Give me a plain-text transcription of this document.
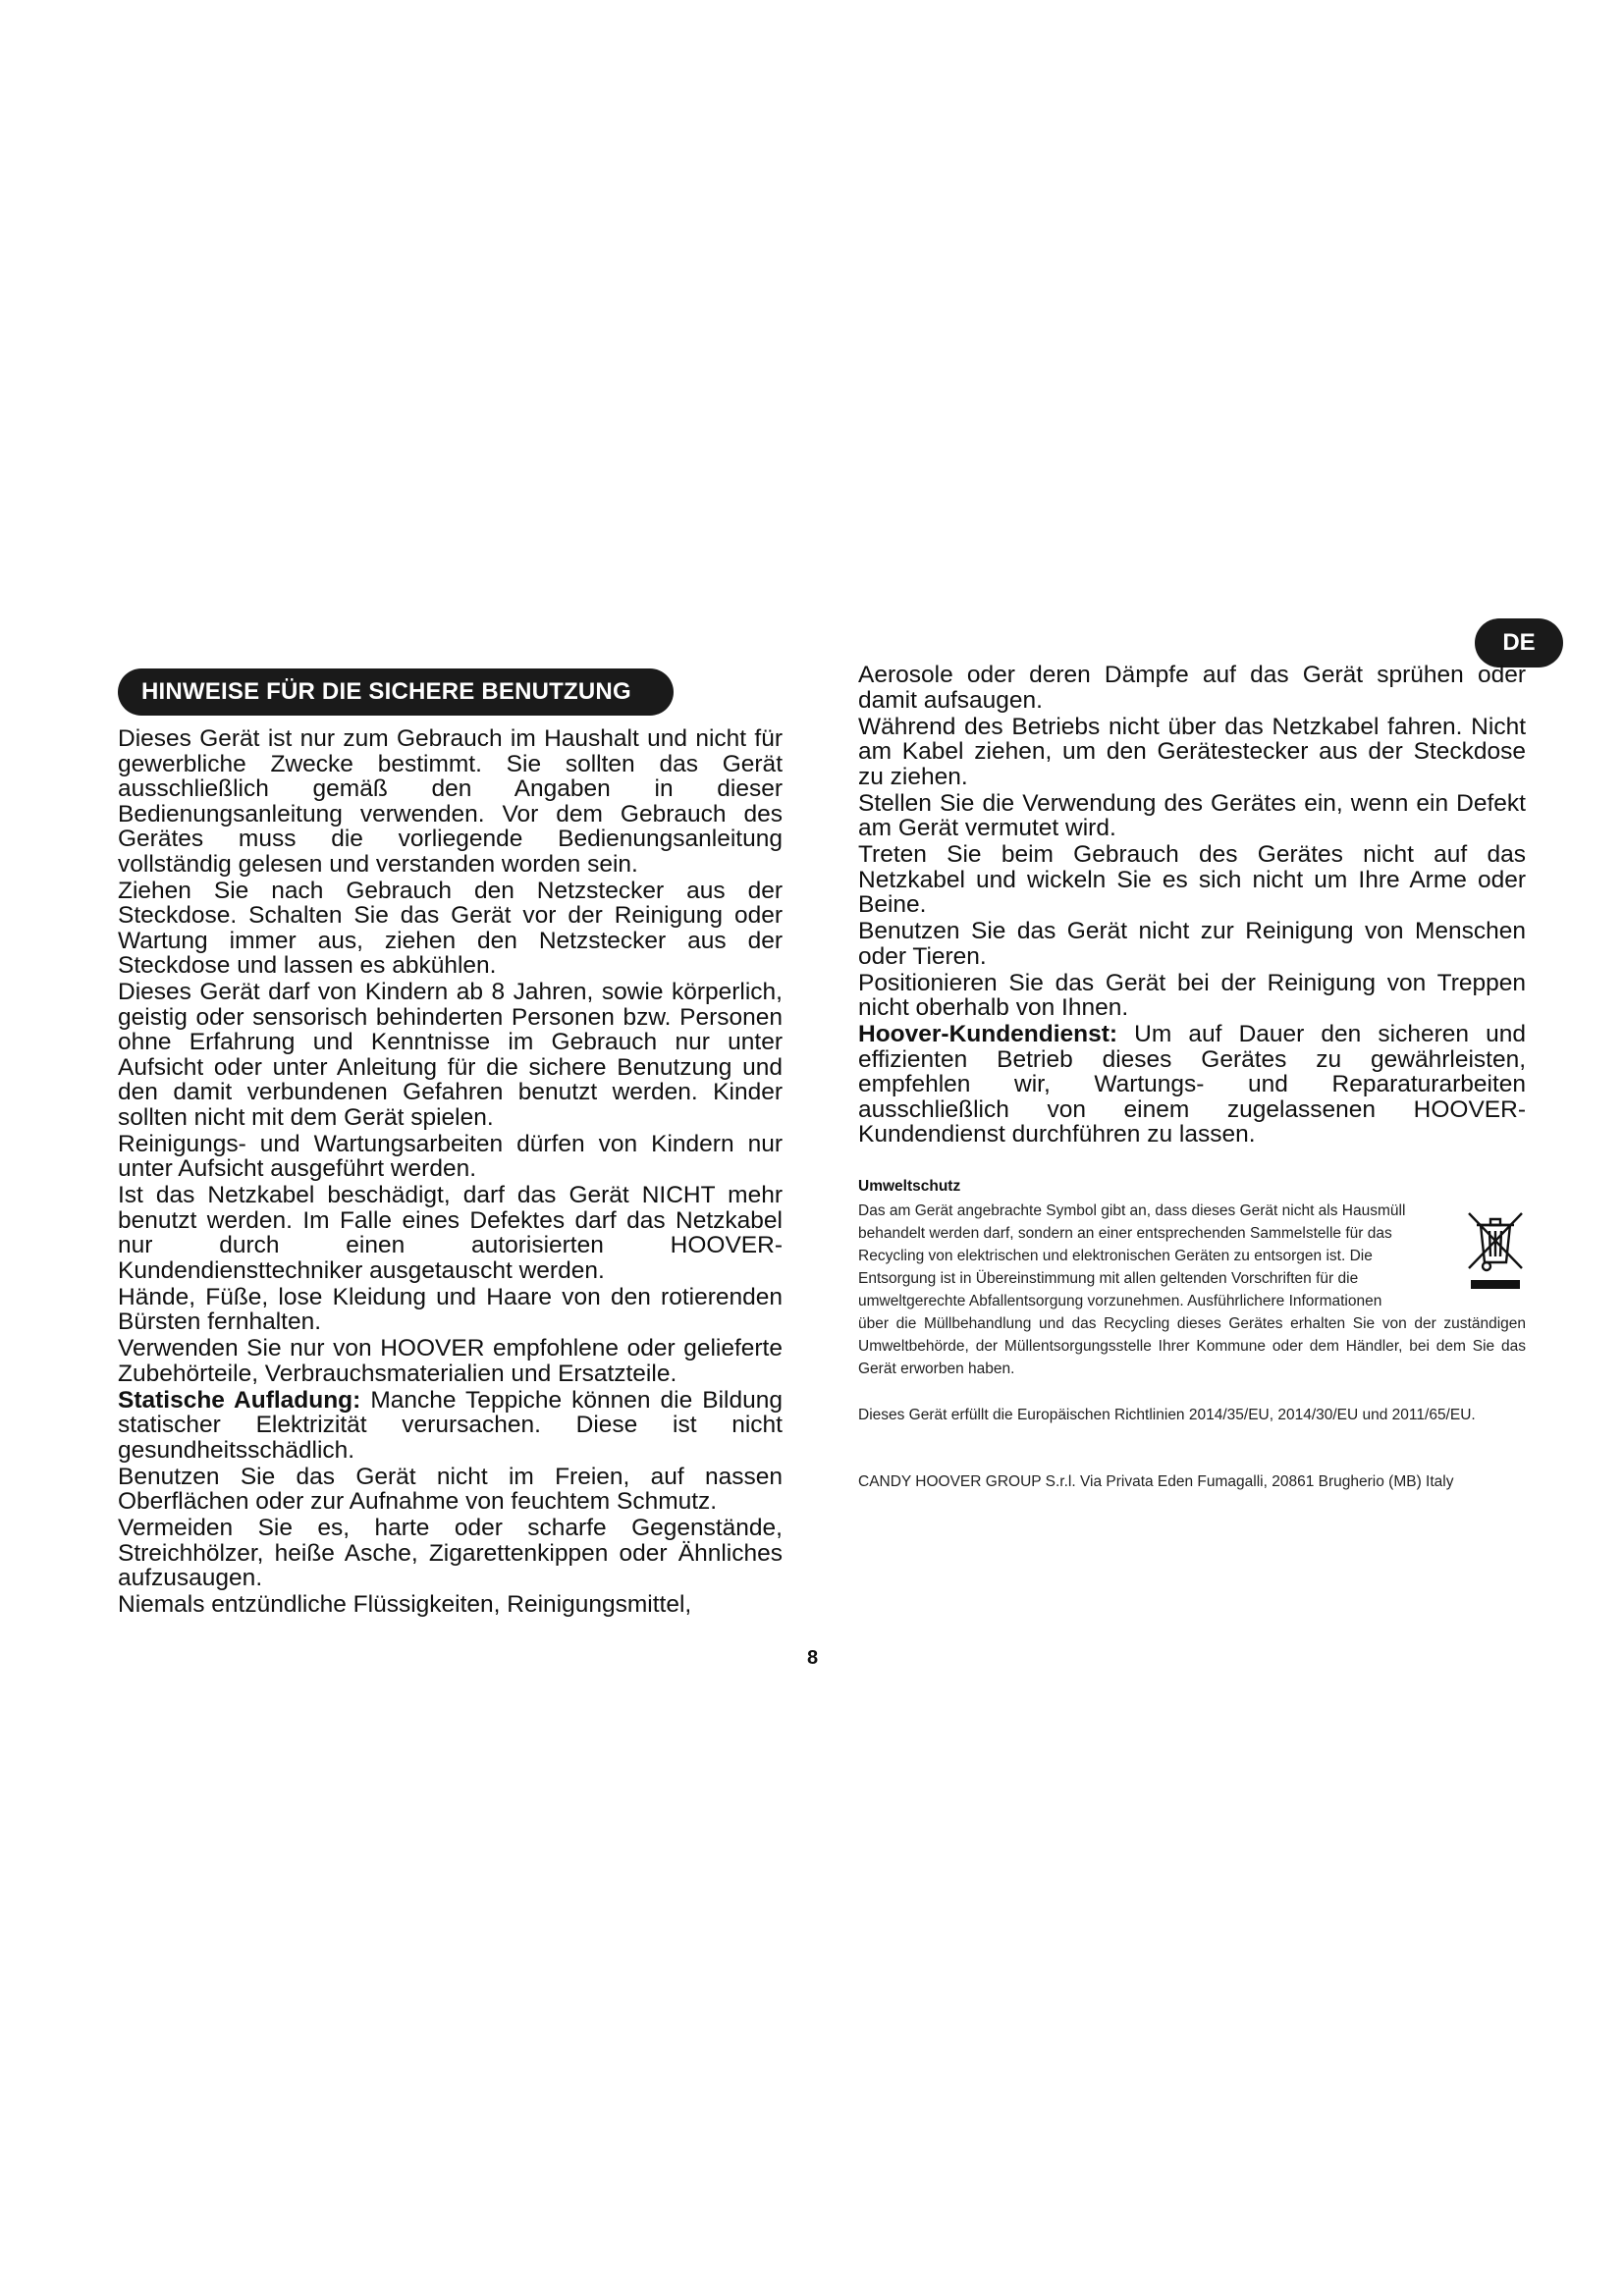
DE
HINWEISE FÜR DIE SICHERE BENUTZUNG

Dieses Gerät ist nur zum Gebrauch im Haushalt und nicht für gewerbliche Zwecke bestimmt. Sie sollten das Gerät ausschließlich gemäß den Angaben in dieser Bedienungsanleitung verwenden. Vor dem Gebrauch des Gerätes muss die vorliegende Bedienungsanleitung vollständig gelesen und verstanden worden sein.

Ziehen Sie nach Gebrauch den Netzstecker aus der Steckdose. Schalten Sie das Gerät vor der Reinigung oder Wartung immer aus, ziehen den Netzstecker aus der Steckdose und lassen es abkühlen.

Dieses Gerät darf von Kindern ab 8 Jahren, sowie körperlich, geistig oder sensorisch behinderten Personen bzw. Personen ohne Erfahrung und Kenntnisse im Gebrauch nur unter Aufsicht oder unter Anleitung für die sichere Benutzung und den damit verbundenen Gefahren benutzt werden. Kinder sollten nicht mit dem Gerät spielen.

Reinigungs- und Wartungsarbeiten dürfen von Kindern nur unter Aufsicht ausgeführt werden.

Ist das Netzkabel beschädigt, darf das Gerät NICHT mehr benutzt werden. Im Falle eines Defektes darf das Netzkabel nur durch einen autorisierten HOOVER-Kundendiensttechniker ausgetauscht werden.

Hände, Füße, lose Kleidung und Haare von den rotierenden Bürsten fernhalten.

Verwenden Sie nur von HOOVER empfohlene oder gelieferte Zubehörteile, Verbrauchsmaterialien und Ersatzteile.

Statische Aufladung: Manche Teppiche können die Bildung statischer Elektrizität verursachen. Diese ist nicht gesundheitsschädlich.

Benutzen Sie das Gerät nicht im Freien, auf nassen Oberflächen oder zur Aufnahme von feuchtem Schmutz.

Vermeiden Sie es, harte oder scharfe Gegenstände, Streichhölzer, heiße Asche, Zigarettenkippen oder Ähnliches aufzusaugen.

Niemals entzündliche Flüssigkeiten, Reinigungsmittel,

Aerosole oder deren Dämpfe auf das Gerät sprühen oder damit aufsaugen.

Während des Betriebs nicht über das Netzkabel fahren. Nicht am Kabel ziehen, um den Gerätestecker aus der Steckdose zu ziehen.

Stellen Sie die Verwendung des Gerätes ein, wenn ein Defekt am Gerät vermutet wird.

Treten Sie beim Gebrauch des Gerätes nicht auf das Netzkabel und wickeln Sie es sich nicht um Ihre Arme oder Beine.

Benutzen Sie das Gerät nicht zur Reinigung von Menschen oder Tieren.

Positionieren Sie das Gerät bei der Reinigung von Treppen nicht oberhalb von Ihnen.

Hoover-Kundendienst: Um auf Dauer den sicheren und effizienten Betrieb dieses Gerätes zu gewährleisten, empfehlen wir, Wartungs- und Reparaturarbeiten ausschließlich von einem zugelassenen HOOVER-Kundendienst durchführen zu lassen.

Umweltschutz
Das am Gerät angebrachte Symbol gibt an, dass dieses Gerät nicht als Hausmüll
behandelt werden darf, sondern an einer entsprechenden Sammelstelle für das
Recycling von elektrischen und elektronischen Geräten zu entsorgen ist. Die
Entsorgung ist in Übereinstimmung mit allen geltenden Vorschriften für die
umweltgerechte Abfallentsorgung vorzunehmen. Ausführlichere Informationen
über die Müllbehandlung und das Recycling dieses Gerätes erhalten Sie von der zuständigen Umweltbehörde, der Müllentsorgungsstelle Ihrer Kommune oder dem Händler, bei dem Sie das Gerät erworben haben.
Dieses Gerät erfüllt die Europäischen Richtlinien 2014/35/EU, 2014/30/EU und 2011/65/EU.
CANDY HOOVER GROUP S.r.l. Via Privata Eden Fumagalli, 20861 Brugherio (MB) Italy
8
